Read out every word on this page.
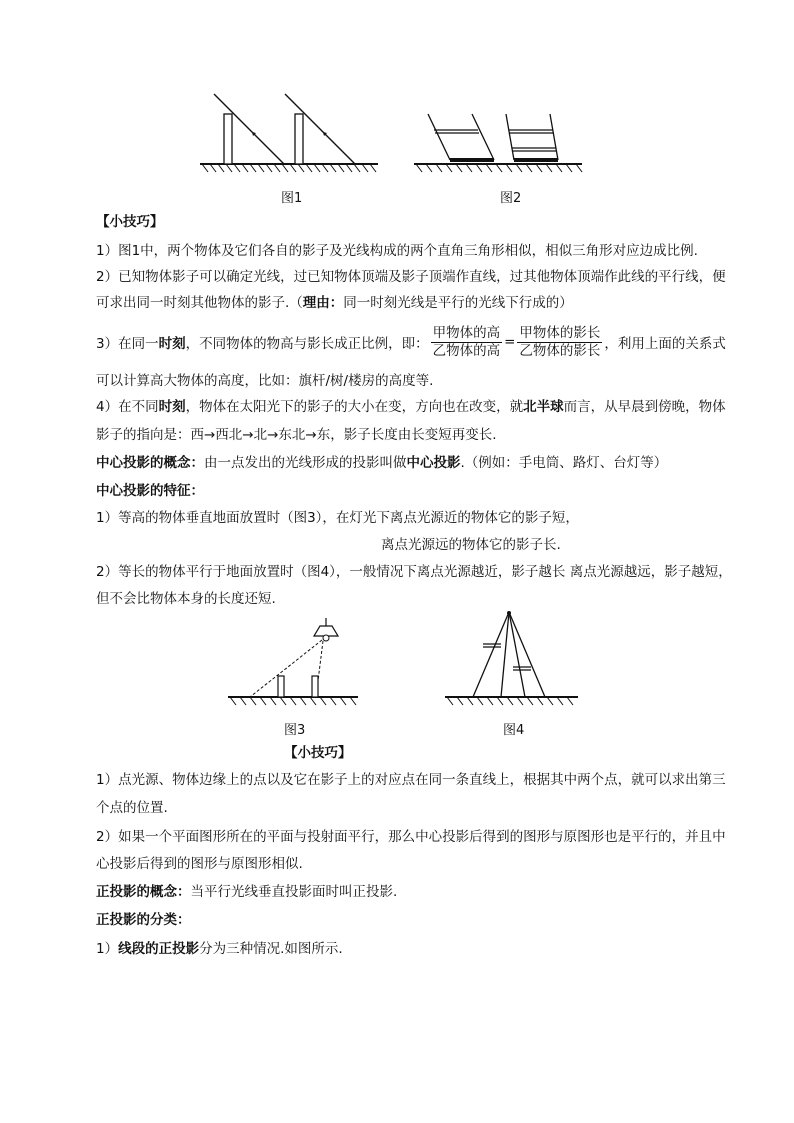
图1	图2
【小技巧】
1）图1中，两个物体及它们各自的影子及光线构成的两个直角三角形相似，相似三角形对应边成比例.
2）已知物体影子可以确定光线，过已知物体顶端及影子顶端作直线，过其他物体顶端作此线的平行线，便
可求出同一时刻其他物体的影子.（理由：同一时刻光线是平行的光线下行成的）
3）在同一 时刻 ，不同物体的物高与影长成正比例，即： $\frac{\text{甲物体的高}}{\text{乙物体的高}} = \frac{\text{甲物体的影长}}{\text{乙物体的影长}}$ ，利用上面的关系式
可以计算高大物体的高度，比如：旗杆/树/楼房的高度等.
4）在不同时刻，物体在太阳光下的影子的大小在变，方向也在改变，就北半球而言，从早晨到傍晚，物体
影子的指向是：西→西北→北→东北→东，影子长度由长变短再变长.
中心投影的概念：由一点发出的光线形成的投影叫做中心投影.（例如：手电筒、路灯、台灯等）
中心投影的特征：
1）等高的物体垂直地面放置时（图3），在灯光下离点光源近的物体它的影子短，
离点光源远的物体它的影子长.
2）等长的物体平行于地面放置时（图4），一般情况下离点光源越近，影子越长 离点光源越远，影子越短，
但不会比物体本身的长度还短.
图3	图4
【小技巧】
1）点光源、物体边缘上的点以及它在影子上的对应点在同一条直线上，根据其中两个点，就可以求出第三
个点的位置.
2）如果一个平面图形所在的平面与投射面平行，那么中心投影后得到的图形与原图形也是平行的，并且中
心投影后得到的图形与原图形相似.
正投影的概念：当平行光线垂直投影面时叫正投影.
正投影的分类：
1）线段的正投影分为三种情况.如图所示.
